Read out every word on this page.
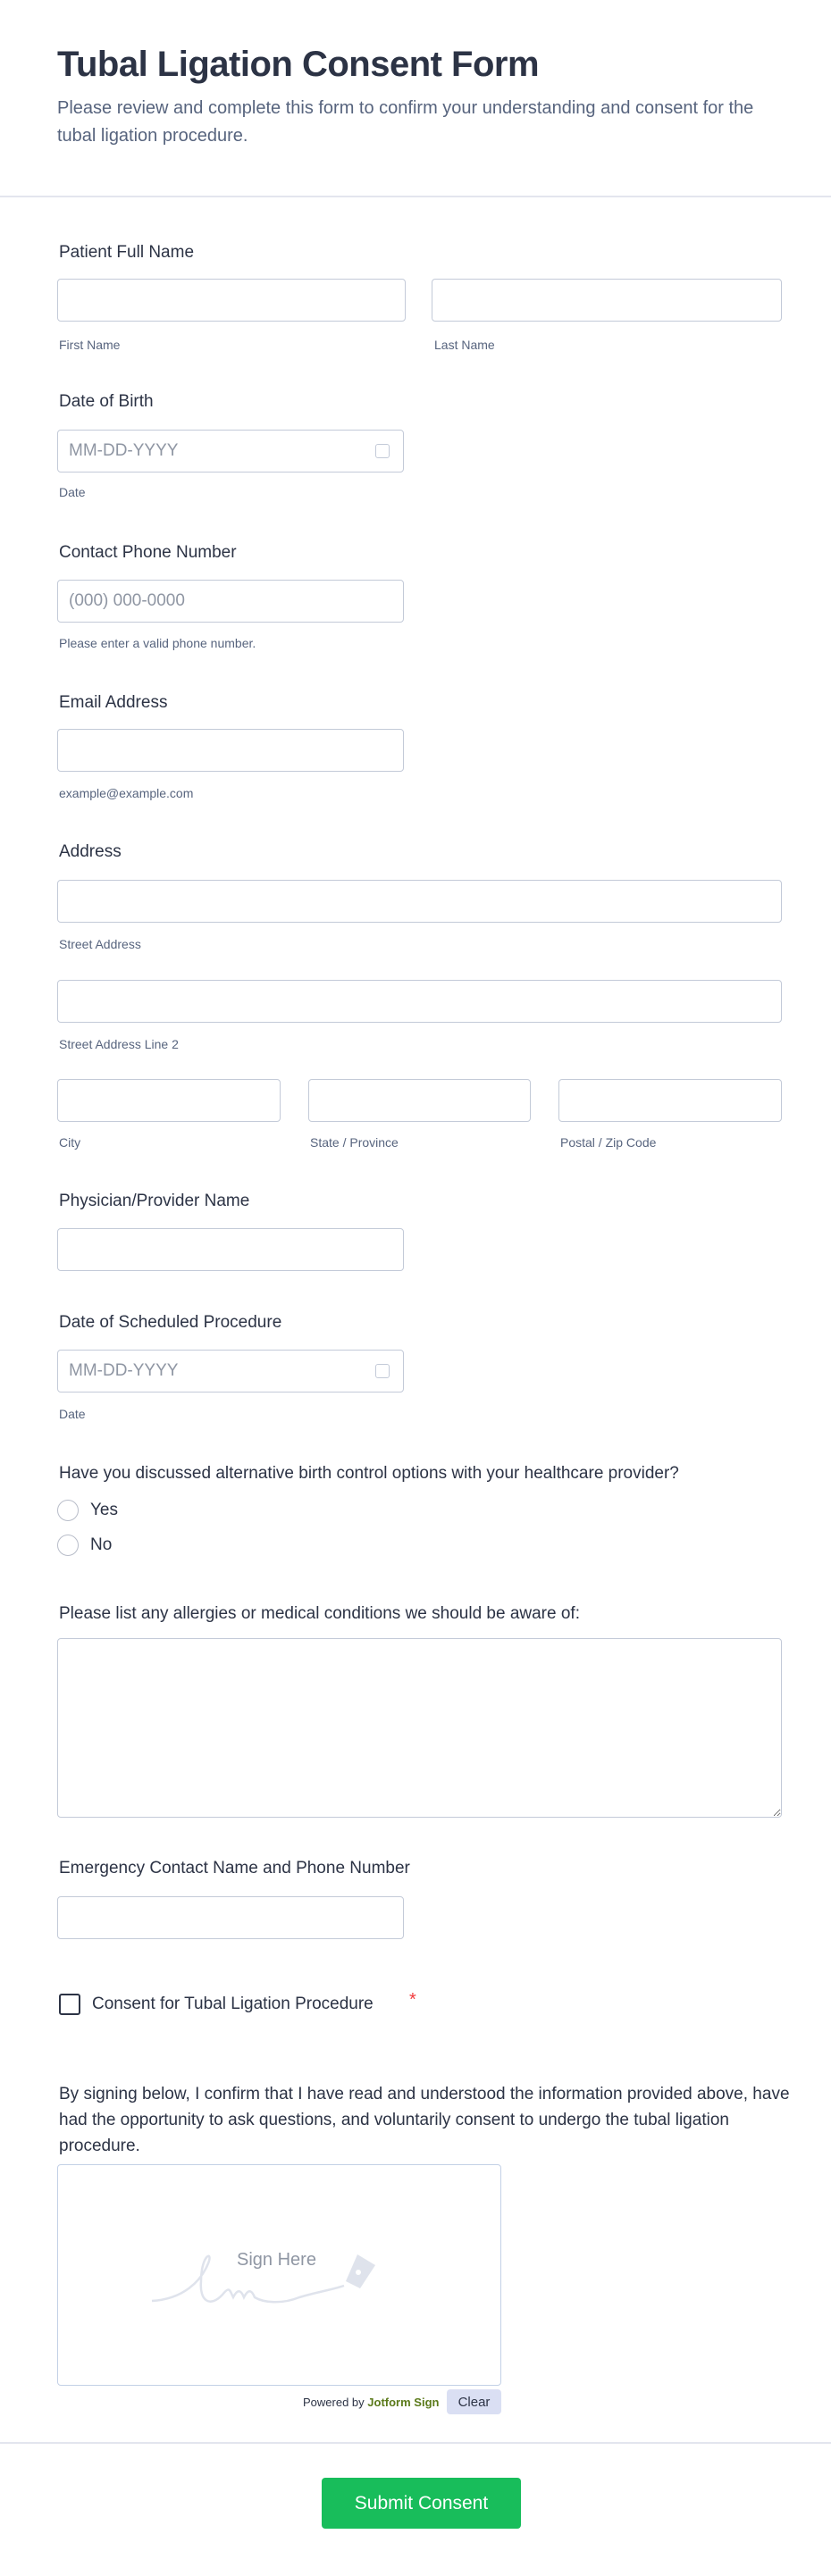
Tubal Ligation Consent Form

Please review and complete this form to confirm your understanding and consent for the tubal ligation procedure.

Patient Full Name
First Name	Last Name
Date of Birth
MM-DD-YYYY
Date
Contact Phone Number
(000) 000-0000
Please enter a valid phone number.
Email Address
example@example.com
Address
Street Address
Street Address Line 2
City	State / Province	Postal / Zip Code
Physician/Provider Name
Date of Scheduled Procedure
MM-DD-YYYY
Date
Have you discussed alternative birth control options with your healthcare provider?
Yes
No
Please list any allergies or medical conditions we should be aware of:
Emergency Contact Name and Phone Number
Consent for Tubal Ligation Procedure *
By signing below, I confirm that I have read and understood the information provided above, have had the opportunity to ask questions, and voluntarily consent to undergo the tubal ligation procedure.
Sign Here
Powered by Jotform Sign	Clear
Submit Consent
